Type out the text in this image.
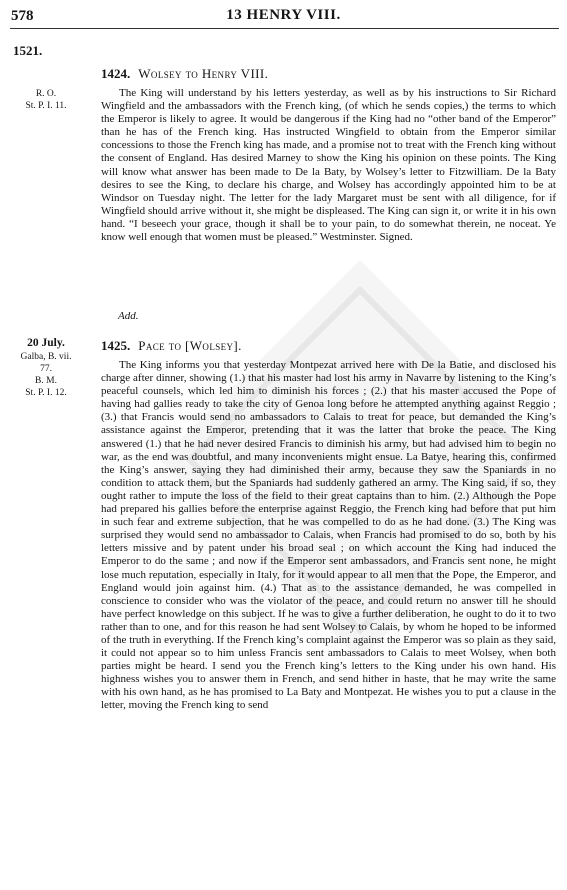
578	13 HENRY VIII.
1521.
R. O.
St. P. I. 11.
1424. Wolsey to Henry VIII.

The King will understand by his letters yesterday, as well as by his instructions to Sir Richard Wingfield and the ambassadors with the French king, (of which he sends copies,) the terms to which the Emperor is likely to agree. It would be dangerous if the King had no “other band of the Emperor” than he has of the French king. Has instructed Wingfield to obtain from the Emperor similar concessions to those the French king has made, and a promise not to treat with the French king without the consent of England. Has desired Marney to show the King his opinion on these points. The King will know what answer has been made to De la Baty, by Wolsey’s letter to Fitzwilliam. De la Baty desires to see the King, to declare his charge, and Wolsey has accordingly appointed him to be at Windsor on Tuesday night. The letter for the lady Margaret must be sent with all diligence, for if Wingfield should arrive without it, she might be displeased. The King can sign it, or write it in his own hand. “I beseech your grace, though it shall be to your pain, to do somewhat therein, ne noceat. Ye know well enough that women must be pleased.” Westminster. Signed.

Add.
20 July.
Galba, B. vii.
77.
B. M.
St. P. I. 12.
1425. Pace to [Wolsey].

The King informs you that yesterday Montpezat arrived here with De la Batie, and disclosed his charge after dinner, showing (1.) that his master had lost his army in Navarre by listening to the King’s peaceful counsels, which led him to diminish his forces ; (2.) that his master accused the Pope of having had gallies ready to take the city of Genoa long before he attempted anything against Reggio ; (3.) that Francis would send no ambassadors to Calais to treat for peace, but demanded the King’s assistance against the Emperor, pretending that it was the latter that broke the peace. The King answered (1.) that he had never desired Francis to diminish his army, but had advised him to begin no war, as the end was doubtful, and many inconvenients might ensue. La Batye, hearing this, confirmed the King’s answer, saying they had diminished their army, because they saw the Spaniards in no condition to attack them, but the Spaniards had suddenly gathered an army. The King said, if so, they ought rather to impute the loss of the field to their great captains than to him. (2.) Although the Pope had prepared his gallies before the enterprise against Reggio, the French king had before that put him in such fear and extreme subjection, that he was compelled to do as he had done. (3.) The King was surprised they would send no ambassador to Calais, when Francis had promised to do so, both by his letters missive and by patent under his broad seal ; on which account the King had induced the Emperor to do the same ; and now if the Emperor sent ambassadors, and Francis sent none, he might lose much reputation, especially in Italy, for it would appear to all men that the Pope, the Emperor, and England would join against him. (4.) That as to the assistance demanded, he was compelled in conscience to consider who was the violator of the peace, and could return no answer till he should have perfect knowledge on this subject. If he was to give a further deliberation, he ought to do it to two rather than to one, and for this reason he had sent Wolsey to Calais, by whom he hoped to be informed of the truth in everything. If the French king’s complaint against the Emperor was so plain as they said, it could not appear so to him unless Francis sent ambassadors to Calais to meet Wolsey, when both parties might be heard. I send you the French king’s letters to the King under his own hand. His highness wishes you to answer them in French, and send hither in haste, that he may write the same with his own hand, as he has promised to La Baty and Montpezat. He wishes you to put a clause in the letter, moving the French king to send
